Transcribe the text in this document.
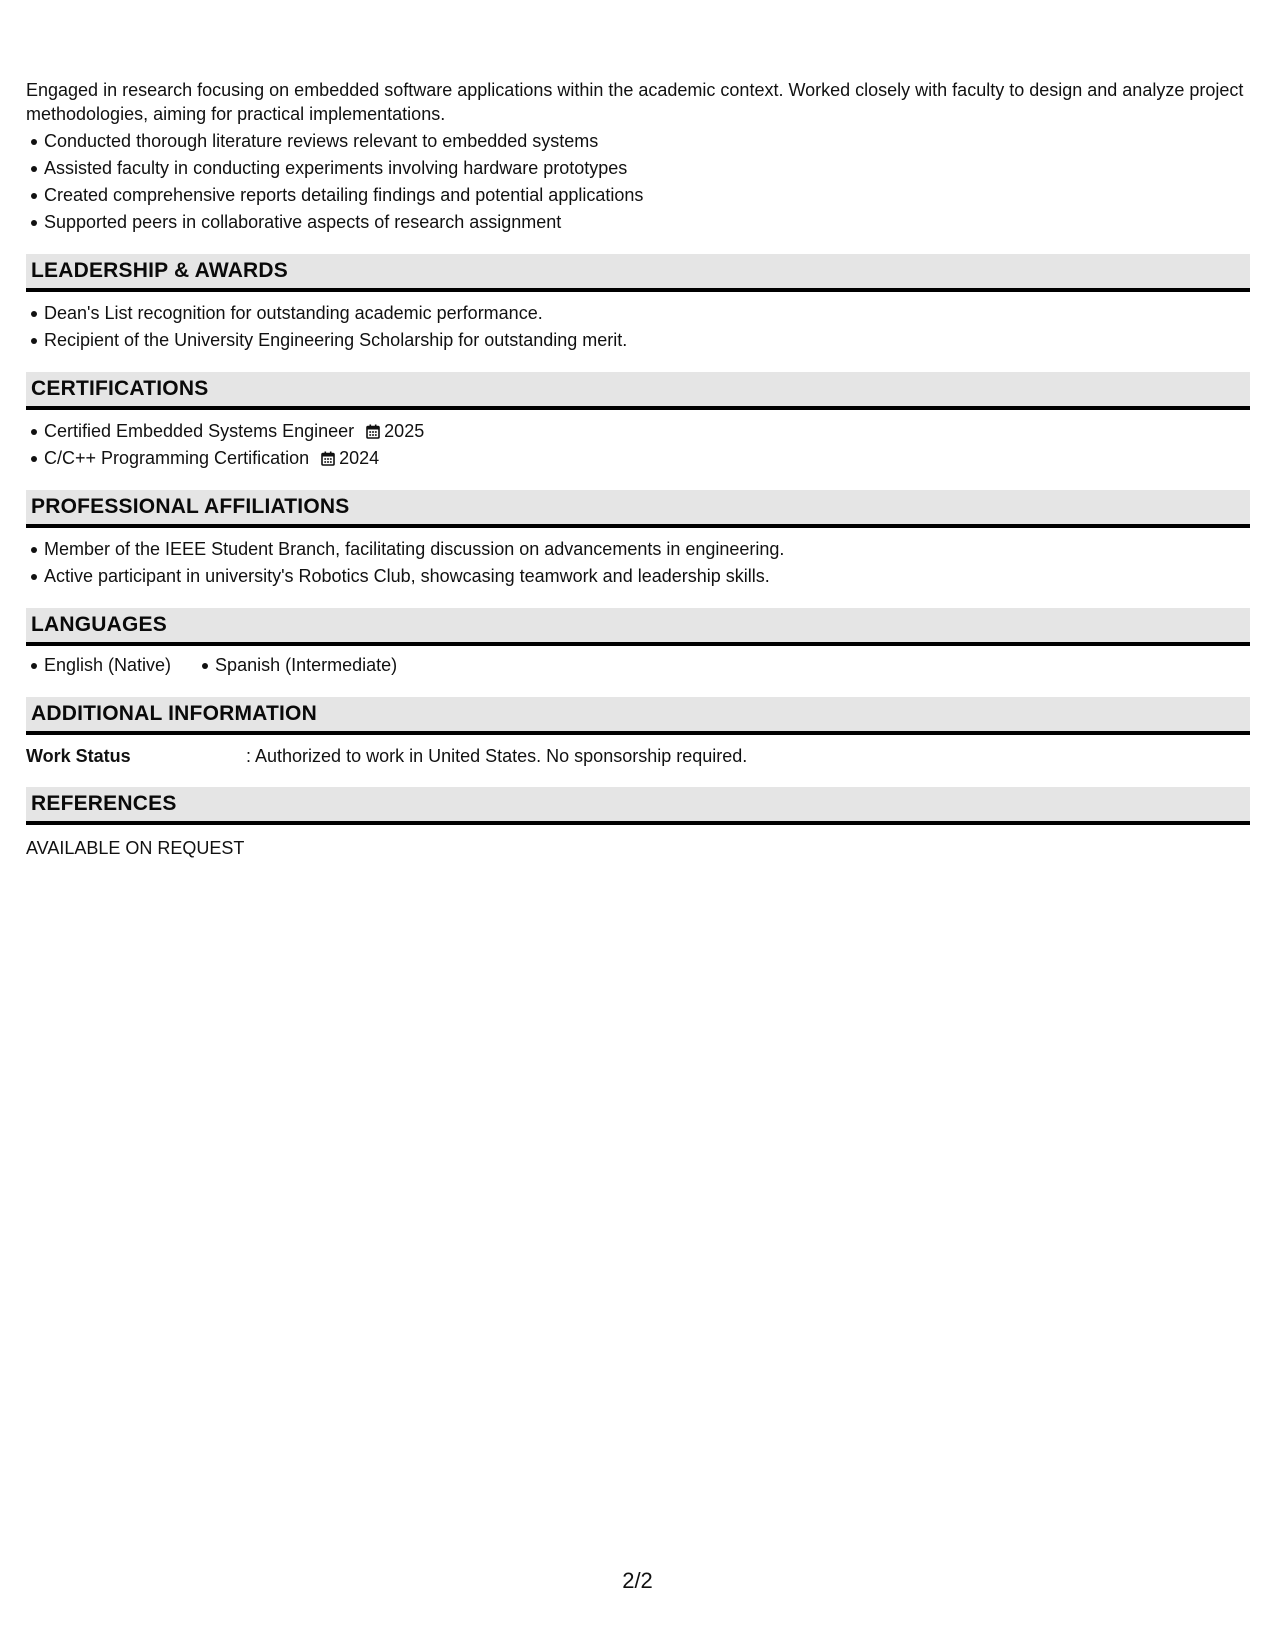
Engaged in research focusing on embedded software applications within the academic context. Worked closely with faculty to design and analyze project methodologies, aiming for practical implementations.

Conducted thorough literature reviews relevant to embedded systems
Assisted faculty in conducting experiments involving hardware prototypes
Created comprehensive reports detailing findings and potential applications
Supported peers in collaborative aspects of research assignment
LEADERSHIP & AWARDS
Dean's List recognition for outstanding academic performance.
Recipient of the University Engineering Scholarship for outstanding merit.
CERTIFICATIONS
Certified Embedded Systems Engineer 2025
C/C++ Programming Certification 2024
PROFESSIONAL AFFILIATIONS
Member of the IEEE Student Branch, facilitating discussion on advancements in engineering.
Active participant in university's Robotics Club, showcasing teamwork and leadership skills.
LANGUAGES
English (Native) Spanish (Intermediate)
ADDITIONAL INFORMATION
Work Status	: Authorized to work in United States. No sponsorship required.
REFERENCES
AVAILABLE ON REQUEST
2/2
